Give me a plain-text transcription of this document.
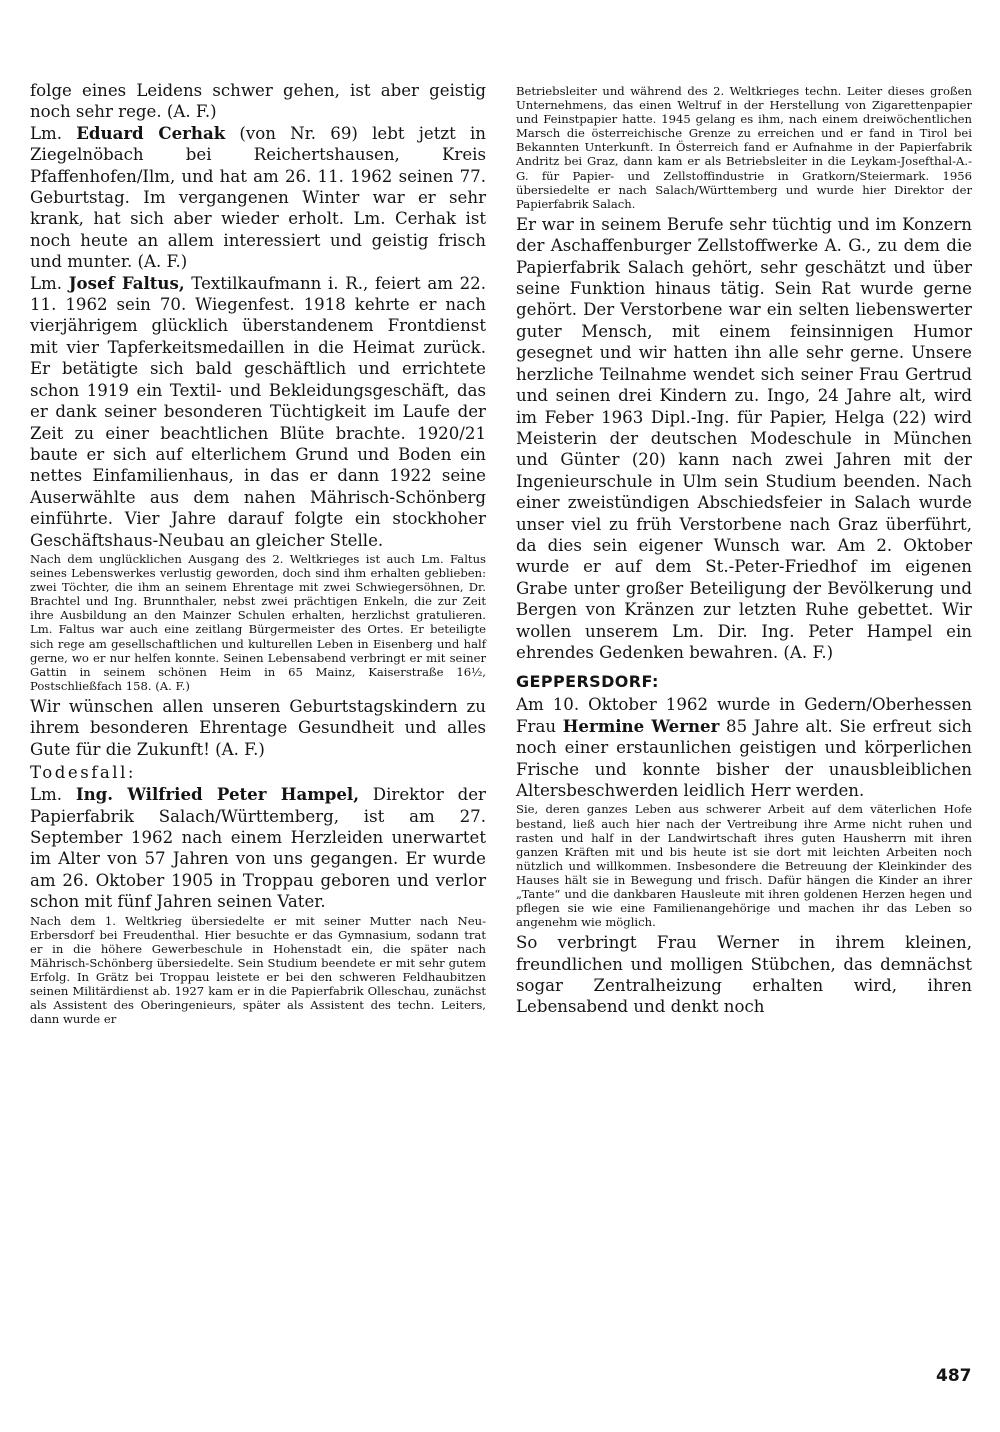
folge eines Leidens schwer gehen, ist aber geistig noch sehr rege. (A. F.)

Lm. Eduard Cerhak (von Nr. 69) lebt jetzt in Ziegelnöbach bei Reichertshausen, Kreis Pfaffenhofen/Ilm, und hat am 26. 11. 1962 seinen 77. Geburtstag. Im vergangenen Winter war er sehr krank, hat sich aber wieder erholt. Lm. Cerhak ist noch heute an allem interessiert und geistig frisch und munter. (A. F.)

Lm. Josef Faltus, Textilkaufmann i. R., feiert am 22. 11. 1962 sein 70. Wiegenfest. 1918 kehrte er nach vierjährigem glücklich überstandenem Frontdienst mit vier Tapferkeitsmedaillen in die Heimat zurück. Er betätigte sich bald geschäftlich und errichtete schon 1919 ein Textil- und Bekleidungsgeschäft, das er dank seiner besonderen Tüchtigkeit im Laufe der Zeit zu einer beachtlichen Blüte brachte. 1920/21 baute er sich auf elterlichem Grund und Boden ein nettes Einfamilienhaus, in das er dann 1922 seine Auserwählte aus dem nahen Mährisch-Schönberg einführte. Vier Jahre darauf folgte ein stockhoher Geschäftshaus-Neubau an gleicher Stelle.

Nach dem unglücklichen Ausgang des 2. Weltkrieges ist auch Lm. Faltus seines Lebenswerkes verlustig geworden, doch sind ihm erhalten geblieben: zwei Töchter, die ihm an seinem Ehrentage mit zwei Schwiegersöhnen, Dr. Brachtel und Ing. Brunnthaler, nebst zwei prächtigen Enkeln, die zur Zeit ihre Ausbildung an den Mainzer Schulen erhalten, herzlichst gratulieren. Lm. Faltus war auch eine zeitlang Bürgermeister des Ortes. Er beteiligte sich rege am gesellschaftlichen und kulturellen Leben in Eisenberg und half gerne, wo er nur helfen konnte. Seinen Lebensabend verbringt er mit seiner Gattin in seinem schönen Heim in 65 Mainz, Kaiserstraße 16½, Postschließfach 158. (A. F.)

Wir wünschen allen unseren Geburtstagskindern zu ihrem besonderen Ehrentage Gesundheit und alles Gute für die Zukunft! (A. F.)

Todesfall:

Lm. Ing. Wilfried Peter Hampel, Direktor der Papierfabrik Salach/Württemberg, ist am 27. September 1962 nach einem Herzleiden unerwartet im Alter von 57 Jahren von uns gegangen. Er wurde am 26. Oktober 1905 in Troppau geboren und verlor schon mit fünf Jahren seinen Vater.

Nach dem 1. Weltkrieg übersiedelte er mit seiner Mutter nach Neu-Erbersdorf bei Freudenthal. Hier besuchte er das Gymnasium, sodann trat er in die höhere Gewerbeschule in Hohenstadt ein, die später nach Mährisch-Schönberg übersiedelte. Sein Studium beendete er mit sehr gutem Erfolg. In Grätz bei Troppau leistete er bei den schweren Feldhaubitzen seinen Militärdienst ab. 1927 kam er in die Papierfabrik Olleschau, zunächst als Assistent des Oberingenieurs, später als Assistent des techn. Leiters, dann wurde er

Betriebsleiter und während des 2. Weltkrieges techn. Leiter dieses großen Unternehmens, das einen Weltruf in der Herstellung von Zigarettenpapier und Feinstpapier hatte. 1945 gelang es ihm, nach einem dreiwöchentlichen Marsch die österreichische Grenze zu erreichen und er fand in Tirol bei Bekannten Unterkunft. In Österreich fand er Aufnahme in der Papierfabrik Andritz bei Graz, dann kam er als Betriebsleiter in die Leykam-Josefthal-A.-G. für Papier- und Zellstoffindustrie in Gratkorn/Steiermark. 1956 übersiedelte er nach Salach/Württemberg und wurde hier Direktor der Papierfabrik Salach.

Er war in seinem Berufe sehr tüchtig und im Konzern der Aschaffenburger Zellstoffwerke A. G., zu dem die Papierfabrik Salach gehört, sehr geschätzt und über seine Funktion hinaus tätig. Sein Rat wurde gerne gehört. Der Verstorbene war ein selten liebenswerter guter Mensch, mit einem feinsinnigen Humor gesegnet und wir hatten ihn alle sehr gerne. Unsere herzliche Teilnahme wendet sich seiner Frau Gertrud und seinen drei Kindern zu. Ingo, 24 Jahre alt, wird im Feber 1963 Dipl.-Ing. für Papier, Helga (22) wird Meisterin der deutschen Modeschule in München und Günter (20) kann nach zwei Jahren mit der Ingenieurschule in Ulm sein Studium beenden. Nach einer zweistündigen Abschiedsfeier in Salach wurde unser viel zu früh Verstorbene nach Graz überführt, da dies sein eigener Wunsch war. Am 2. Oktober wurde er auf dem St.-Peter-Friedhof im eigenen Grabe unter großer Beteiligung der Bevölkerung und Bergen von Kränzen zur letzten Ruhe gebettet. Wir wollen unserem Lm. Dir. Ing. Peter Hampel ein ehrendes Gedenken bewahren. (A. F.)

GEPPERSDORF:

Am 10. Oktober 1962 wurde in Gedern/Oberhessen Frau Hermine Werner 85 Jahre alt. Sie erfreut sich noch einer erstaunlichen geistigen und körperlichen Frische und konnte bisher der unausbleiblichen Altersbeschwerden leidlich Herr werden.

Sie, deren ganzes Leben aus schwerer Arbeit auf dem väterlichen Hofe bestand, ließ auch hier nach der Vertreibung ihre Arme nicht ruhen und rasten und half in der Landwirtschaft ihres guten Hausherrn mit ihren ganzen Kräften mit und bis heute ist sie dort mit leichten Arbeiten noch nützlich und willkommen. Insbesondere die Betreuung der Kleinkinder des Hauses hält sie in Bewegung und frisch. Dafür hängen die Kinder an ihrer „Tante“ und die dankbaren Hausleute mit ihren goldenen Herzen hegen und pflegen sie wie eine Familienangehörige und machen ihr das Leben so angenehm wie möglich.

So verbringt Frau Werner in ihrem kleinen, freundlichen und molligen Stübchen, das demnächst sogar Zentralheizung erhalten wird, ihren Lebensabend und denkt noch

487
